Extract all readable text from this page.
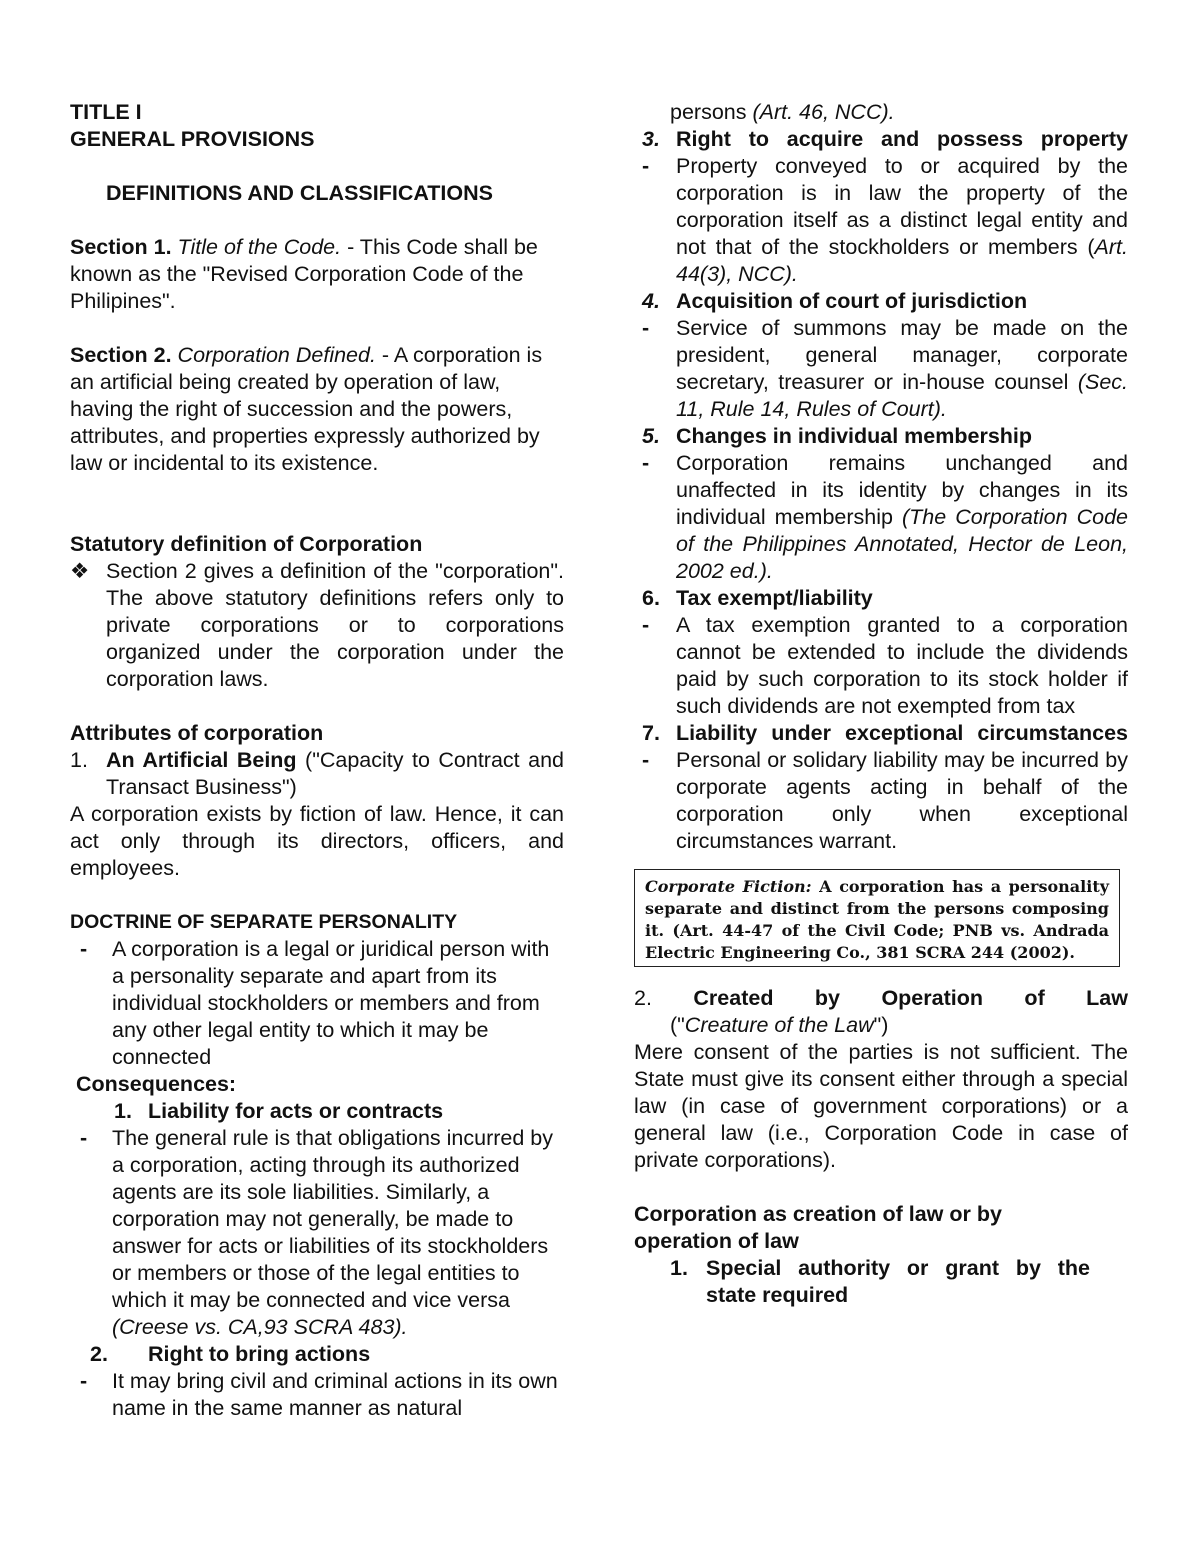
TITLE I

GENERAL PROVISIONS

DEFINITIONS AND CLASSIFICATIONS

Section 1. Title of the Code. - This Code shall be known as the "Revised Corporation Code of the Philipines".

Section 2. Corporation Defined. - A corporation is an artificial being created by operation of law, having the right of succession and the powers, attributes, and properties expressly authorized by law or incidental to its existence.

Statutory definition of Corporation

❖ Section 2 gives a definition of the "corporation". The above statutory definitions refers only to private corporations or to corporations organized under the corporation under the corporation laws.

Attributes of corporation

1. An Artificial Being ("Capacity to Contract and Transact Business")

A corporation exists by fiction of law. Hence, it can act only through its directors, officers, and employees.

DOCTRINE OF SEPARATE PERSONALITY

- A corporation is a legal or juridical person with a personality separate and apart from its individual stockholders or members and from any other legal entity to which it may be connected

Consequences:

1. Liability for acts or contracts
- The general rule is that obligations incurred by a corporation, acting through its authorized agents are its sole liabilities. Similarly, a corporation may not generally, be made to answer for acts or liabilities of its stockholders or members or those of the legal entities to which it may be connected and vice versa (Creese vs. CA,93 SCRA 483).
2. Right to bring actions
- It may bring civil and criminal actions in its own name in the same manner as natural

persons (Art. 46, NCC).

3. Right to acquire and possess property
- Property conveyed to or acquired by the corporation is in law the property of the corporation itself as a distinct legal entity and not that of the stockholders or members (Art. 44(3), NCC).
4. Acquisition of court of jurisdiction
- Service of summons may be made on the president, general manager, corporate secretary, treasurer or in-house counsel (Sec. 11, Rule 14, Rules of Court).
5. Changes in individual membership
- Corporation remains unchanged and unaffected in its identity by changes in its individual membership (The Corporation Code of the Philippines Annotated, Hector de Leon, 2002 ed.).
6. Tax exempt/liability
- A tax exemption granted to a corporation cannot be extended to include the dividends paid by such corporation to its stock holder if such dividends are not exempted from tax
7. Liability under exceptional circumstances
- Personal or solidary liability may be incurred by corporate agents acting in behalf of the corporation only when exceptional circumstances warrant.
Corporate Fiction: A corporation has a personality separate and distinct from the persons composing it. (Art. 44-47 of the Civil Code; PNB vs. Andrada Electric Engineering Co., 381 SCRA 244 (2002).
2. Created by Operation of Law

("Creature of the Law")

Mere consent of the parties is not sufficient. The State must give its consent either through a special law (in case of government corporations) or a general law (i.e., Corporation Code in case of private corporations).

Corporation as creation of law or by operation of law

1. Special authority or grant by the state required
